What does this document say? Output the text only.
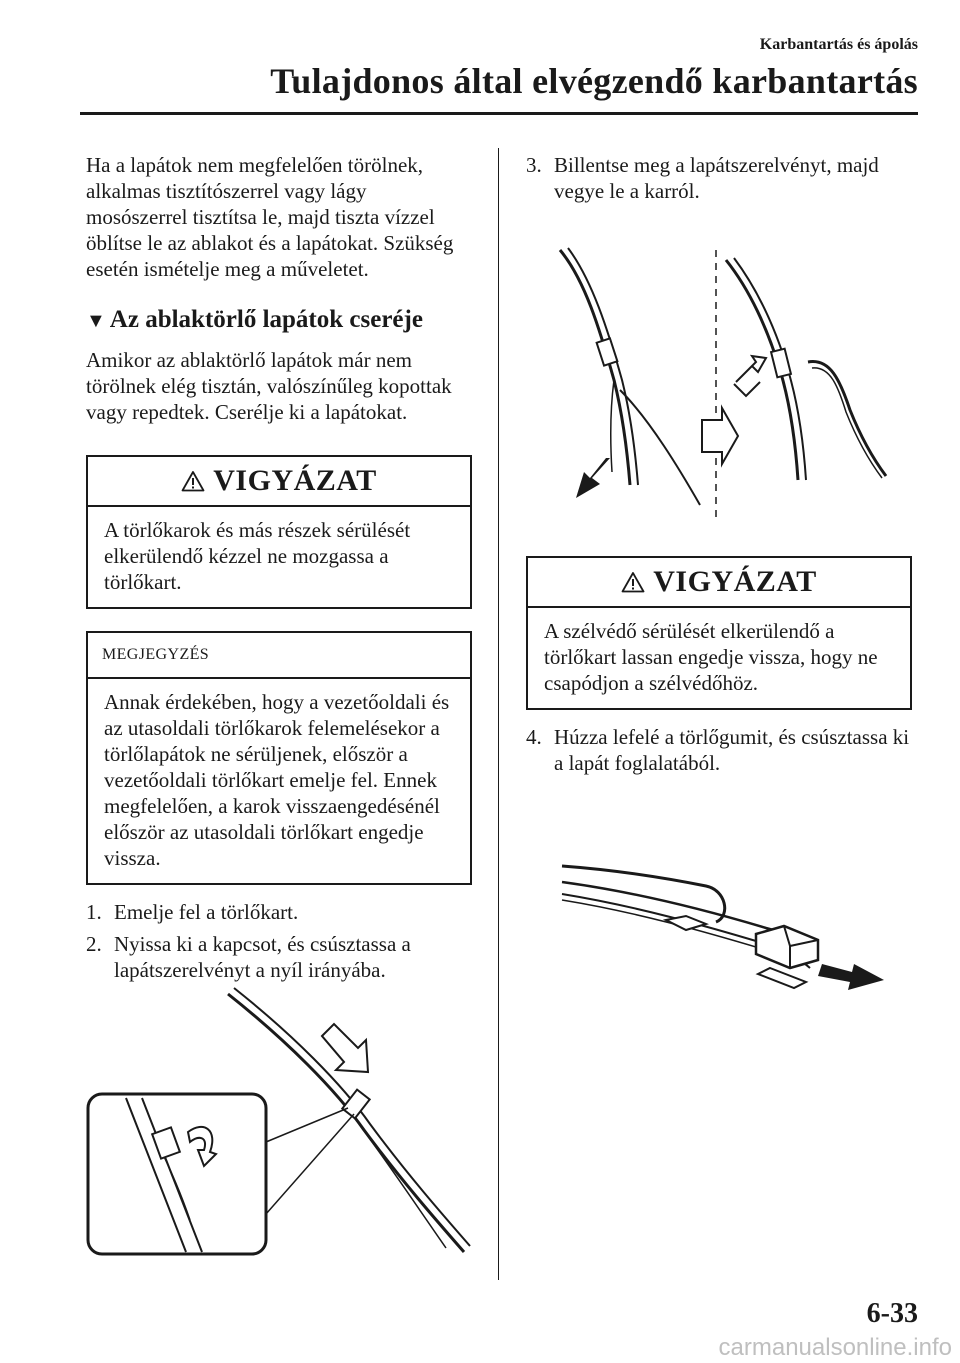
Karbantartás és ápolás
Tulajdonos által elvégzendő karbantartás

Ha a lapátok nem megfelelően törölnek, alkalmas tisztítószerrel vagy lágy mosószerrel tisztítsa le, majd tiszta vízzel öblítse le az ablakot és a lapátokat. Szükség esetén ismételje meg a műveletet.

▼ Az ablaktörlő lapátok cseréje

Amikor az ablaktörlő lapátok már nem törölnek elég tisztán, valószínűleg kopottak vagy repedtek. Cserélje ki a lapátokat.

VIGYÁZAT
A törlőkarok és más részek sérülését elkerülendő kézzel ne mozgassa a törlőkart.
MEGJEGYZÉS
Annak érdekében, hogy a vezetőoldali és az utasoldali törlőkarok felemelésekor a törlőlapátok ne sérüljenek, először a vezetőoldali törlőkart emelje fel. Ennek megfelelően, a karok visszaengedésénél először az utasoldali törlőkart engedje vissza.
1. Emelje fel a törlőkart.
2. Nyissa ki a kapcsot, és csúsztassa a lapátszerelvényt a nyíl irányába.
3. Billentse meg a lapátszerelvényt, majd vegye le a karról.
VIGYÁZAT
A szélvédő sérülését elkerülendő a törlőkart lassan engedje vissza, hogy ne csapódjon a szélvédőhöz.
4. Húzza lefelé a törlőgumit, és csúsztassa ki a lapát foglalatából.
6-33
carmanualsonline.info
